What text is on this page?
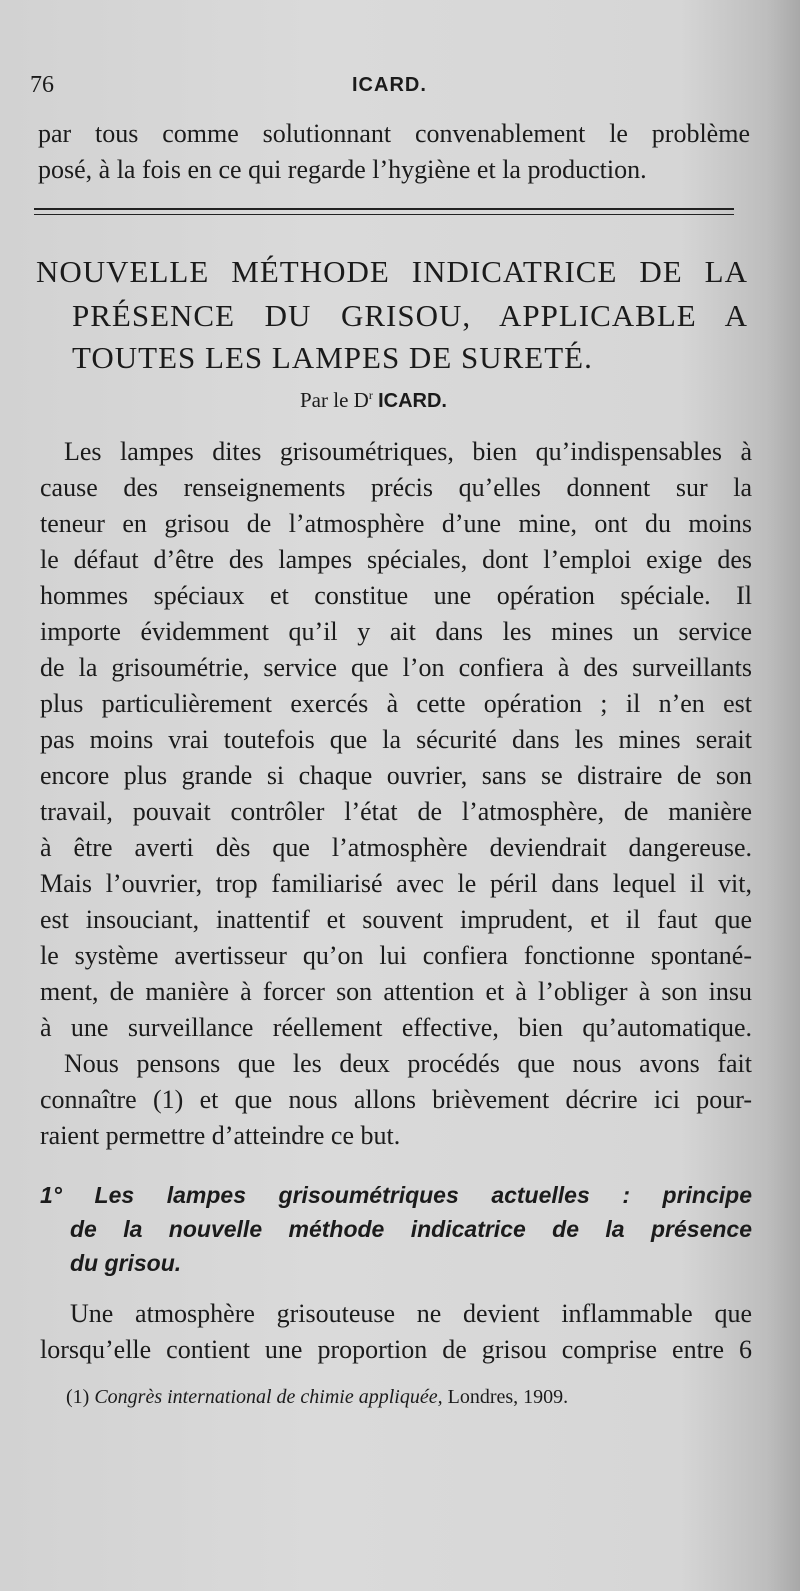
76	ICARD.
par tous comme solutionnant convenablement le problème
posé, à la fois en ce qui regarde l’hygiène et la production.
NOUVELLE MÉTHODE INDICATRICE DE LA
PRÉSENCE DU GRISOU, APPLICABLE A
TOUTES LES LAMPES DE SURETÉ.
Par le $D^r$ ICARD.
Les lampes dites grisoumétriques, bien qu’indispensables à
cause des renseignements précis qu’elles donnent sur la
teneur en grisou de l’atmosphère d’une mine, ont du moins
le défaut d’être des lampes spéciales, dont l’emploi exige des
hommes spéciaux et constitue une opération spéciale. Il
importe évidemment qu’il y ait dans les mines un service
de la grisoumétrie, service que l’on confiera à des surveillants
plus particulièrement exercés à cette opération ; il n’en est
pas moins vrai toutefois que la sécurité dans les mines serait
encore plus grande si chaque ouvrier, sans se distraire de son
travail, pouvait contrôler l’état de l’atmosphère, de manière
à être averti dès que l’atmosphère deviendrait dangereuse.
Mais l’ouvrier, trop familiarisé avec le péril dans lequel il vit,
est insouciant, inattentif et souvent imprudent, et il faut que
le système avertisseur qu’on lui confiera fonctionne spontané-
ment, de manière à forcer son attention et à l’obliger à son insu
à une surveillance réellement effective, bien qu’automatique.
Nous pensons que les deux procédés que nous avons fait
connaître (1) et que nous allons brièvement décrire ici pour-
raient permettre d’atteindre ce but.
1° Les lampes grisoumétriques actuelles : principe
de la nouvelle méthode indicatrice de la présence
du grisou.
Une atmosphère grisouteuse ne devient inflammable que
lorsqu’elle contient une proportion de grisou comprise entre 6
(1) Congrès international de chimie appliquée, Londres, 1909.
